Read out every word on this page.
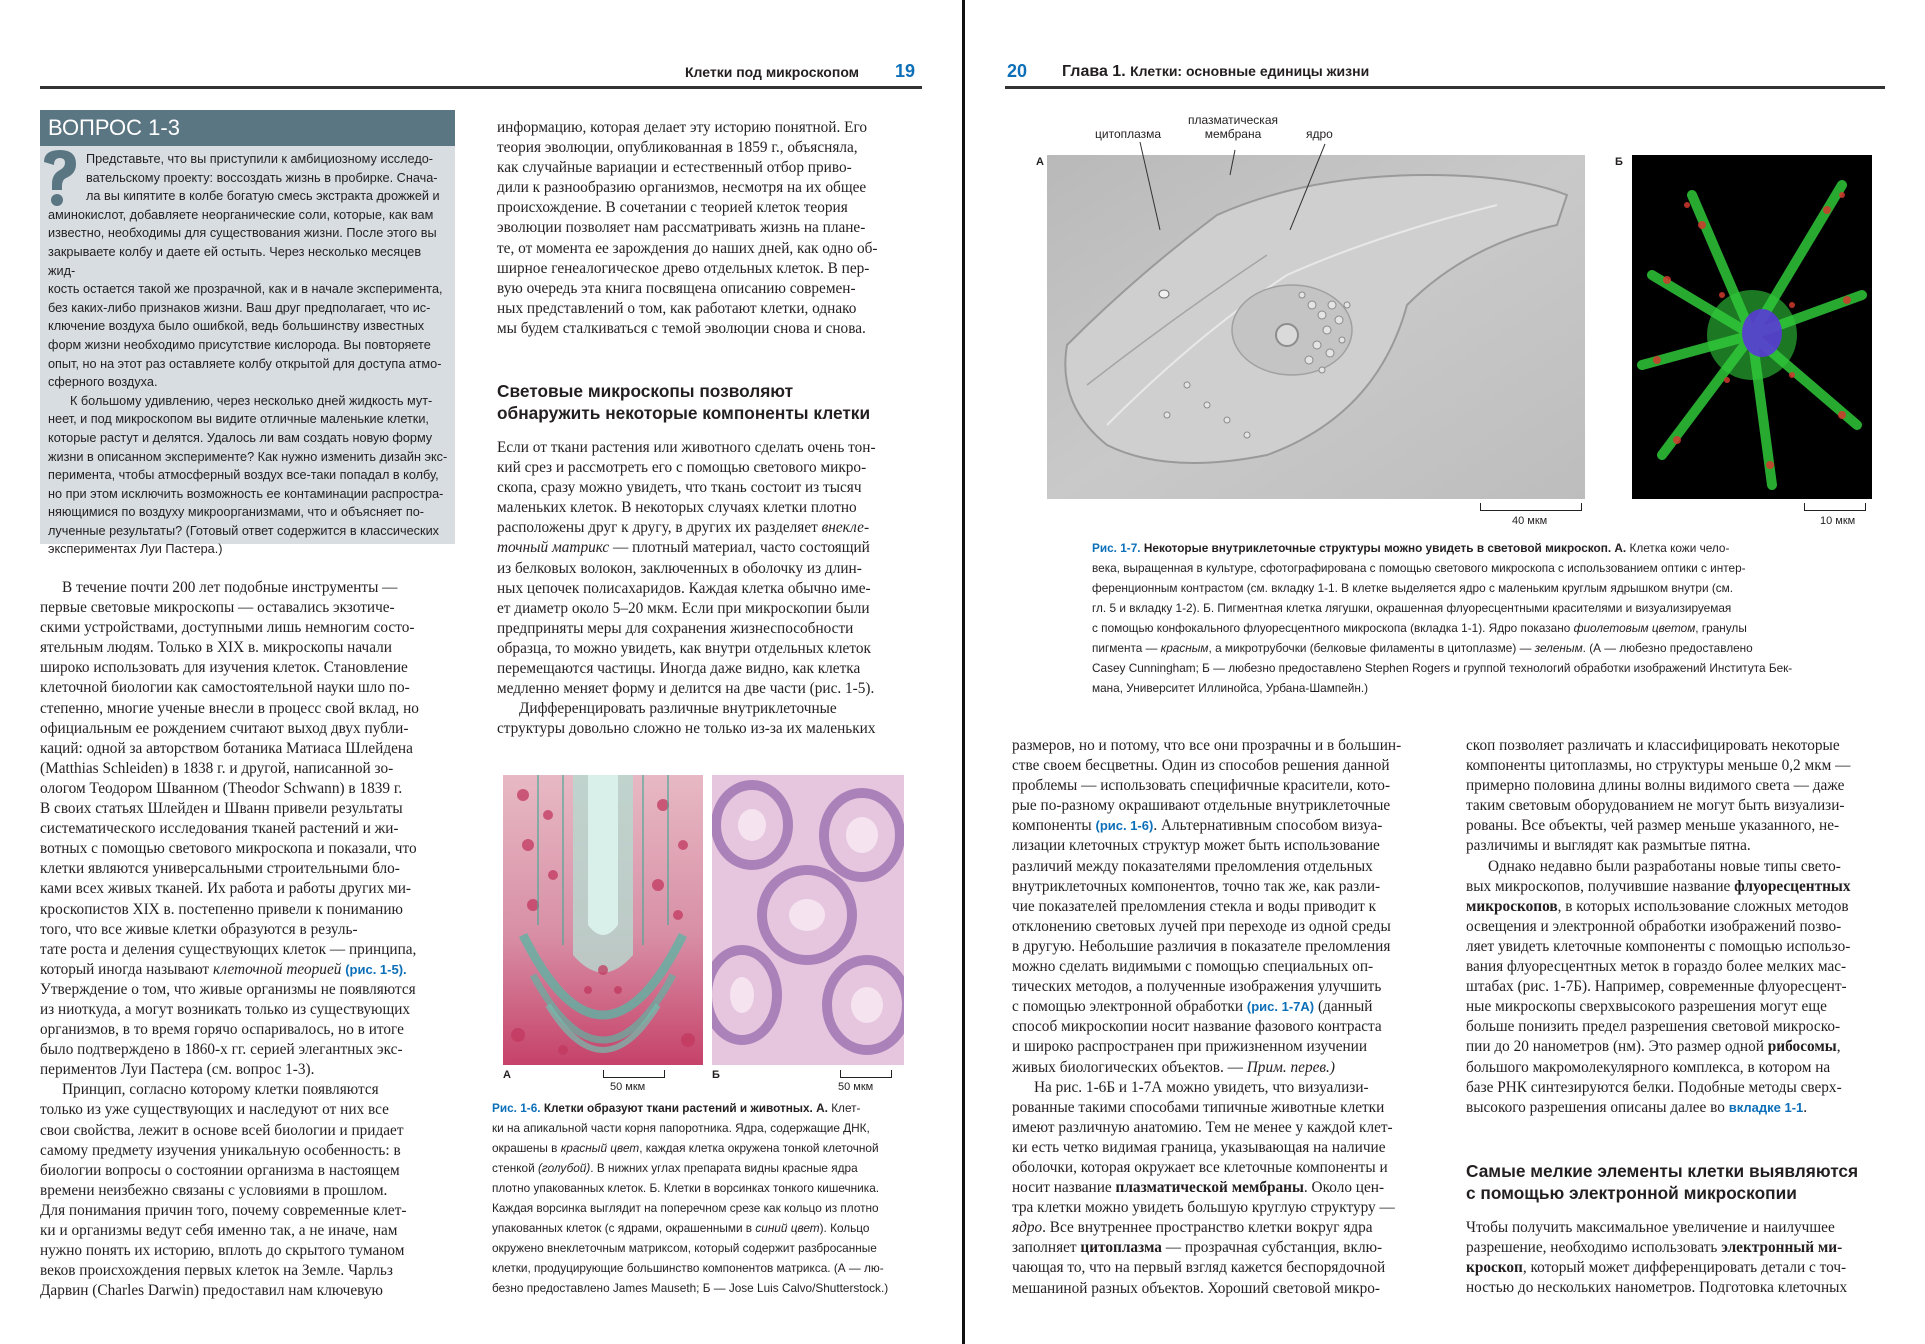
Клетки под микроскопом 19
ВОПРОС 1-3
Представьте, что вы приступили к амбициозному исследо-
вательскому проекту: воссоздать жизнь в пробирке. Снача-
ла вы кипятите в колбе богатую смесь экстракта дрожжей и
аминокислот, добавляете неорганические соли, которые, как вам
известно, необходимы для существования жизни. После этого вы
закрываете колбу и даете ей остыть. Через несколько месяцев жид-
кость остается такой же прозрачной, как и в начале эксперимента,
без каких-либо признаков жизни. Ваш друг предполагает, что ис-
ключение воздуха было ошибкой, ведь большинству известных
форм жизни необходимо присутствие кислорода. Вы повторяете
опыт, но на этот раз оставляете колбу открытой для доступа атмо-
сферного воздуха.
К большому удивлению, через несколько дней жидкость мут-
неет, и под микроскопом вы видите отличные маленькие клетки,
которые растут и делятся. Удалось ли вам создать новую форму
жизни в описанном эксперименте? Как нужно изменить дизайн экс-
перимента, чтобы атмосферный воздух все-таки попадал в колбу,
но при этом исключить возможность ее контаминации распростра-
няющимися по воздуху микроорганизмами, что и объясняет по-
лученные результаты? (Готовый ответ содержится в классических
экспериментах Луи Пастера.)
В течение почти 200 лет подобные инструменты —
первые световые микроскопы — оставались экзотиче-
скими устройствами, доступными лишь немногим состо-
ятельным людям. Только в XIX в. микроскопы начали
широко использовать для изучения клеток. Становление
клеточной биологии как самостоятельной науки шло по-
степенно, многие ученые внесли в процесс свой вклад, но
официальным ее рождением считают выход двух публи-
каций: одной за авторством ботаника Матиаса Шлейдена
(Matthias Schleiden) в 1838 г. и другой, написанной зо-
ологом Теодором Шванном (Theodor Schwann) в 1839 г.
В своих статьях Шлейден и Шванн привели результаты
систематического исследования тканей растений и жи-
вотных с помощью светового микроскопа и показали, что
клетки являются универсальными строительными бло-
ками всех живых тканей. Их работа и работы других ми-
кроскопистов XIX в. постепенно привели к пониманию
того, что все живые клетки образуются в резуль-
тате роста и деления существующих клеток — принципа,
который иногда называют клеточной теорией (рис. 1-5).
Утверждение о том, что живые организмы не появляются
из ниоткуда, а могут возникать только из существующих
организмов, в то время горячо оспаривалось, но в итоге
было подтверждено в 1860-х гг. серией элегантных экс-
периментов Луи Пастера (см. вопрос 1-3).
Принцип, согласно которому клетки появляются
только из уже существующих и наследуют от них все
свои свойства, лежит в основе всей биологии и придает
самому предмету изучения уникальную особенность: в
биологии вопросы о состоянии организма в настоящем
времени неизбежно связаны с условиями в прошлом.
Для понимания причин того, почему современные клет-
ки и организмы ведут себя именно так, а не иначе, нам
нужно понять их историю, вплоть до скрытого туманом
веков происхождения первых клеток на Земле. Чарльз
Дарвин (Charles Darwin) предоставил нам ключевую
информацию, которая делает эту историю понятной. Его
теория эволюции, опубликованная в 1859 г., объясняла,
как случайные вариации и естественный отбор приво-
дили к разнообразию организмов, несмотря на их общее
происхождение. В сочетании с теорией клеток теория
эволюции позволяет нам рассматривать жизнь на плане-
те, от момента ее зарождения до наших дней, как одно об-
ширное генеалогическое древо отдельных клеток. В пер-
вую очередь эта книга посвящена описанию современ-
ных представлений о том, как работают клетки, однако
мы будем сталкиваться с темой эволюции снова и снова.
Световые микроскопы позволяют
обнаружить некоторые компоненты клетки
Если от ткани растения или животного сделать очень тон-
кий срез и рассмотреть его с помощью светового микро-
скопа, сразу можно увидеть, что ткань состоит из тысяч
маленьких клеток. В некоторых случаях клетки плотно
расположены друг к другу, в других их разделяет внекле-
точный матрикс — плотный материал, часто состоящий
из белковых волокон, заключенных в оболочку из длин-
ных цепочек полисахаридов. Каждая клетка обычно име-
ет диаметр около 5–20 мкм. Если при микроскопии были
предприняты меры для сохранения жизнеспособности
образца, то можно увидеть, как внутри отдельных клеток
перемещаются частицы. Иногда даже видно, как клетка
медленно меняет форму и делится на две части (рис. 1-5).
Дифференцировать различные внутриклеточные
структуры довольно сложно не только из-за их маленьких
А	Б
50 мкм	50 мкм
Рис. 1-6. Клетки образуют ткани растений и животных. А. Клет-
ки на апикальной части корня папоротника. Ядра, содержащие ДНК,
окрашены в красный цвет, каждая клетка окружена тонкой клеточной
стенкой (голубой). В нижних углах препарата видны красные ядра
плотно упакованных клеток. Б. Клетки в ворсинках тонкого кишечника.
Каждая ворсинка выглядит на поперечном срезе как кольцо из плотно
упакованных клеток (с ядрами, окрашенными в синий цвет). Кольцо
окружено внеклеточным матриксом, который содержит разбросанные
клетки, продуцирующие большинство компонентов матрикса. (А — лю-
безно предоставлено James Mauseth; Б — Jose Luis Calvo/Shutterstock.)
20 Глава 1. Клетки: основные единицы жизни
цитоплазма
плазматическая
мембрана	ядро
А	Б
40 мкм	10 мкм
Рис. 1-7. Некоторые внутриклеточные структуры можно увидеть в световой микроскоп. А. Клетка кожи чело-
века, выращенная в культуре, сфотографирована с помощью светового микроскопа с использованием оптики с интер-
ференционным контрастом (см. вкладку 1-1. В клетке выделяется ядро с маленьким круглым ядрышком внутри (см.
гл. 5 и вкладку 1-2). Б. Пигментная клетка лягушки, окрашенная флуоресцентными красителями и визуализируемая
с помощью конфокального флуоресцентного микроскопа (вкладка 1-1). Ядро показано фиолетовым цветом, гранулы
пигмента — красным, а микротрубочки (белковые филаменты в цитоплазме) — зеленым. (А — любезно предоставлено
Casey Cunningham; Б — любезно предоставлено Stephen Rogers и группой технологий обработки изображений Института Бек-
мана, Университет Иллинойса, Урбана-Шампейн.)
размеров, но и потому, что все они прозрачны и в большин-
стве своем бесцветны. Один из способов решения данной
проблемы — использовать специфичные красители, кото-
рые по-разному окрашивают отдельные внутриклеточные
компоненты (рис. 1-6). Альтернативным способом визуа-
лизации клеточных структур может быть использование
различий между показателями преломления отдельных
внутриклеточных компонентов, точно так же, как разли-
чие показателей преломления стекла и воды приводит к
отклонению световых лучей при переходе из одной среды
в другую. Небольшие различия в показателе преломления
можно сделать видимыми с помощью специальных оп-
тических методов, а полученные изображения улучшить
с помощью электронной обработки (рис. 1-7А) (данный
способ микроскопии носит название фазового контраста
и широко распространен при прижизненном изучении
живых биологических объектов. — Прим. перев.)
На рис. 1-6Б и 1-7А можно увидеть, что визуализи-
рованные такими способами типичные животные клетки
имеют различную анатомию. Тем не менее у каждой клет-
ки есть четко видимая граница, указывающая на наличие
оболочки, которая окружает все клеточные компоненты и
носит название плазматической мембраны. Около цен-
тра клетки можно увидеть большую круглую структуру —
ядро. Все внутреннее пространство клетки вокруг ядра
заполняет цитоплазма — прозрачная субстанция, вклю-
чающая то, что на первый взгляд кажется беспорядочной
мешаниной разных объектов. Хороший световой микро-
скоп позволяет различать и классифицировать некоторые
компоненты цитоплазмы, но структуры меньше 0,2 мкм —
примерно половина длины волны видимого света — даже
таким световым оборудованием не могут быть визуализи-
рованы. Все объекты, чей размер меньше указанного, не-
различимы и выглядят как размытые пятна.
Однако недавно были разработаны новые типы свето-
вых микроскопов, получившие название флуоресцентных
микроскопов, в которых использование сложных методов
освещения и электронной обработки изображений позво-
ляет увидеть клеточные компоненты с помощью использо-
вания флуоресцентных меток в гораздо более мелких мас-
штабах (рис. 1-7Б). Например, современные флуоресцент-
ные микроскопы сверхвысокого разрешения могут еще
больше понизить предел разрешения световой микроско-
пии до 20 нанометров (нм). Это размер одной рибосомы,
большого макромолекулярного комплекса, в котором на
базе РНК синтезируются белки. Подобные методы сверх-
высокого разрешения описаны далее во вкладке 1-1.
Самые мелкие элементы клетки выявляются
с помощью электронной микроскопии
Чтобы получить максимальное увеличение и наилучшее
разрешение, необходимо использовать электронный ми-
кроскоп, который может дифференцировать детали с точ-
ностью до нескольких нанометров. Подготовка клеточных
